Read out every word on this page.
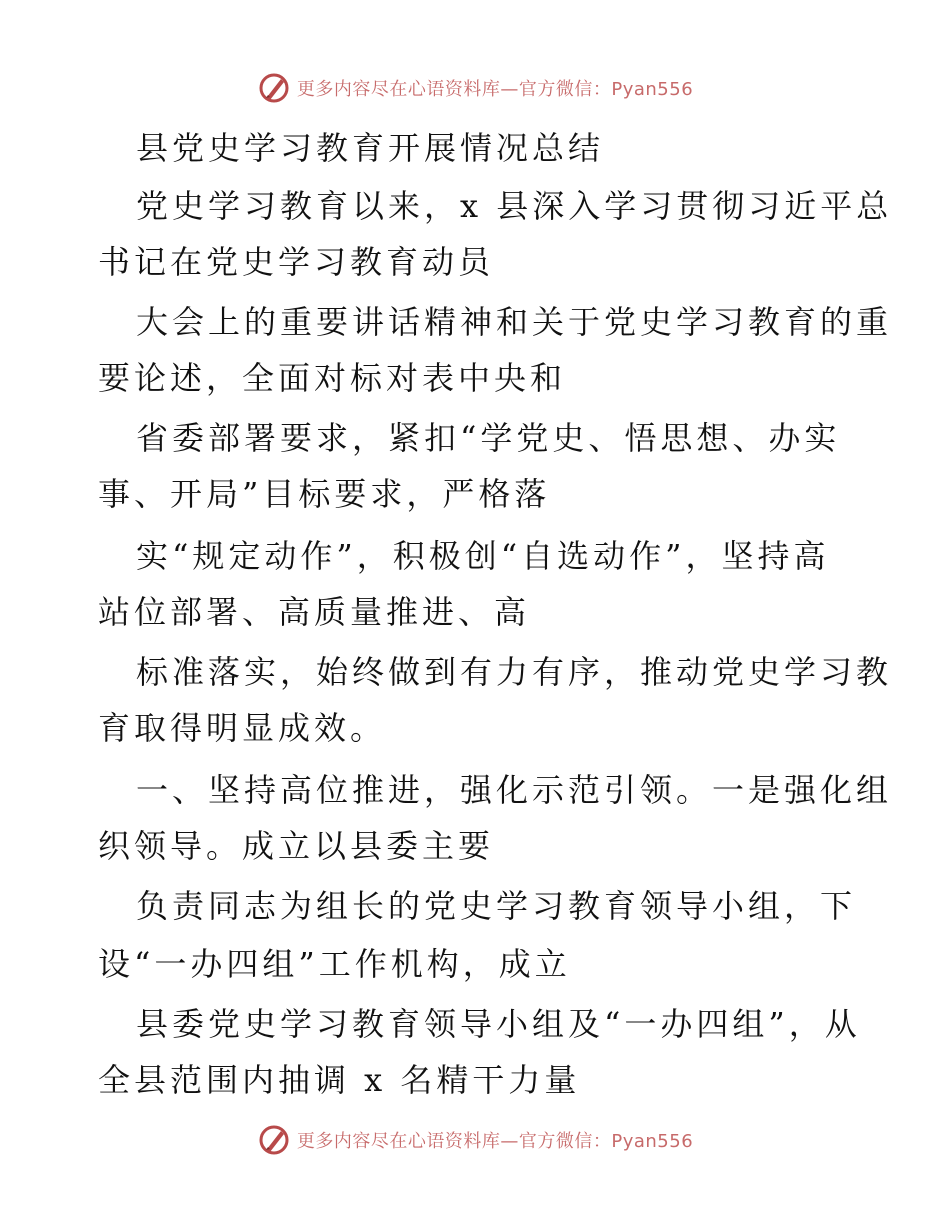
更多内容尽在心语资料库—官方微信：Pyan556
县党史学习教育开展情况总结
党史学习教育以来，x 县深入学习贯彻习近平总
书记在党史学习教育动员
大会上的重要讲话精神和关于党史学习教育的重
要论述，全面对标对表中央和
省委部署要求，紧扣“学党史、悟思想、办实
事、开局”目标要求，严格落
实“规定动作”，积极创“自选动作”，坚持高
站位部署、高质量推进、高
标准落实，始终做到有力有序，推动党史学习教
育取得明显成效。
一、坚持高位推进，强化示范引领。一是强化组
织领导。成立以县委主要
负责同志为组长的党史学习教育领导小组，下
设“一办四组”工作机构，成立
县委党史学习教育领导小组及“一办四组”，从
全县范围内抽调 x 名精干力量
更多内容尽在心语资料库—官方微信：Pyan556
